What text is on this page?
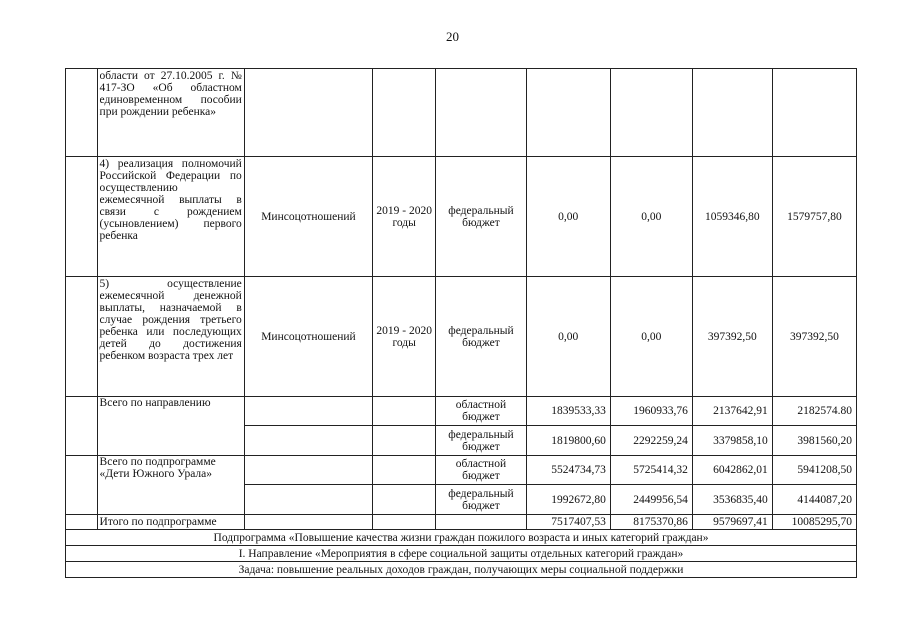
20
	области от 27.10.2005 г. № 417-ЗО «Об областном единовременном пособии при рождении ребенка»							
	4) реализация полномочий Российской Федерации по осуществлению ежемесячной выплаты в связи с рождением (усыновлением) первого ребенка	Минсоцотношений	2019 - 2020 годы	федеральный бюджет	0,00	0,00	1059346,80	1579757,80
	5) осуществление ежемесячной денежной выплаты, назначаемой в случае рождения третьего ребенка или последующих детей до достижения ребенком возраста трех лет	Минсоцотношений	2019 - 2020 годы	федеральный бюджет	0,00	0,00	397392,50	397392,50
	Всего по направлению			областной бюджет	1839533,33	1960933,76	2137642,91	2182574.80
				федеральный бюджет	1819800,60	2292259,24	3379858,10	3981560,20
	Всего по подпрограмме «Дети Южного Урала»			областной бюджет	5524734,73	5725414,32	6042862,01	5941208,50
				федеральный бюджет	1992672,80	2449956,54	3536835,40	4144087,20
	Итого по подпрограмме				7517407,53	8175370,86	9579697,41	10085295,70
Подпрограмма «Повышение качества жизни граждан пожилого возраста и иных категорий граждан»								
I. Направление «Мероприятия в сфере социальной защиты отдельных категорий граждан»								
Задача: повышение реальных доходов граждан, получающих меры социальной поддержки								
